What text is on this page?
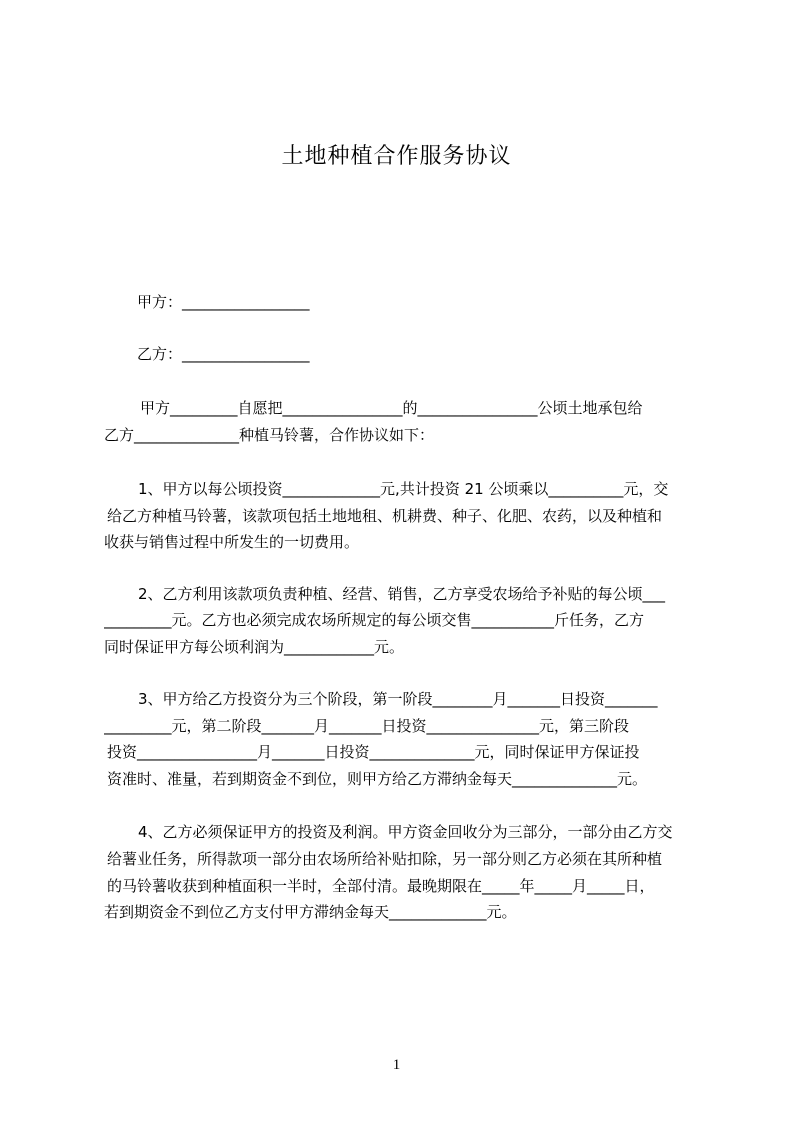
土地种植合作服务协议
甲方：_________________
乙方：_________________
甲方_________自愿把________________的________________公顷土地承包给
乙方______________种植马铃薯，合作协议如下：
1、甲方以每公顷投资_____________元,共计投资 21 公顷乘以__________元，交
给乙方种植马铃薯，该款项包括土地地租、机耕费、种子、化肥、农药，以及种植和
收获与销售过程中所发生的一切费用。
2、乙方利用该款项负责种植、经营、销售，乙方享受农场给予补贴的每公顷___
_________元。乙方也必须完成农场所规定的每公顷交售___________斤任务，乙方
同时保证甲方每公顷利润为____________元。
3、甲方给乙方投资分为三个阶段，第一阶段________月_______日投资_______
_________元，第二阶段_______月_______日投资_______________元，第三阶段
投资________________月_______日投资______________元，同时保证甲方保证投
资准时、准量，若到期资金不到位，则甲方给乙方滞纳金每天______________元。
4、乙方必须保证甲方的投资及利润。甲方资金回收分为三部分，一部分由乙方交
给薯业任务，所得款项一部分由农场所给补贴扣除，另一部分则乙方必须在其所种植
的马铃薯收获到种植面积一半时，全部付清。最晚期限在_____年_____月_____日，
若到期资金不到位乙方支付甲方滞纳金每天_____________元。
1
